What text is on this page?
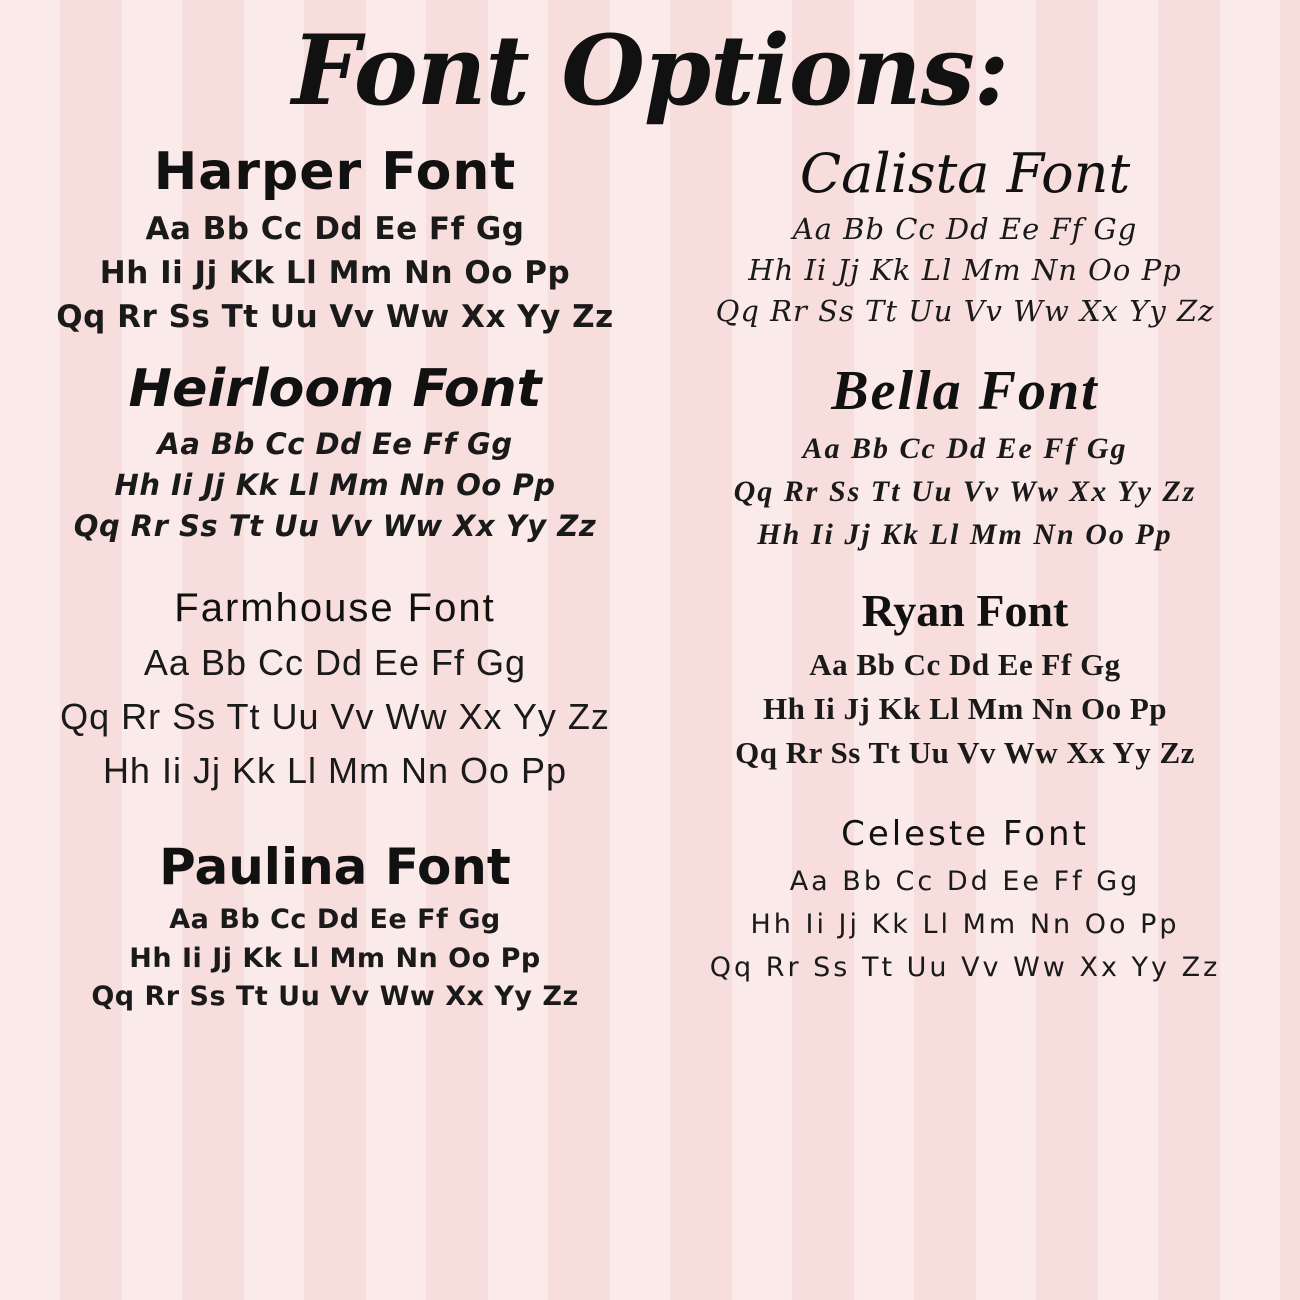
Font Options:
Harper Font
Aa Bb Cc Dd Ee Ff Gg
Hh Ii Jj Kk Ll Mm Nn Oo Pp
Qq Rr Ss Tt Uu Vv Ww Xx Yy Zz
Calista Font
Aa Bb Cc Dd Ee Ff Gg
Hh Ii Jj Kk Ll Mm Nn Oo Pp
Qq Rr Ss Tt Uu Vv Ww Xx Yy Zz
Heirloom Font
Aa Bb Cc Dd Ee Ff Gg
Hh Ii Jj Kk Ll Mm Nn Oo Pp
Qq Rr Ss Tt Uu Vv Ww Xx Yy Zz
Bella Font
Aa Bb Cc Dd Ee Ff Gg
Qq Rr Ss Tt Uu Vv Ww Xx Yy Zz
Hh Ii Jj Kk Ll Mm Nn Oo Pp
Farmhouse Font
Aa Bb Cc Dd Ee Ff Gg
Qq Rr Ss Tt Uu Vv Ww Xx Yy Zz
Hh Ii Jj Kk Ll Mm Nn Oo Pp
Ryan Font
Aa Bb Cc Dd Ee Ff Gg
Hh Ii Jj Kk Ll Mm Nn Oo Pp
Qq Rr Ss Tt Uu Vv Ww Xx Yy Zz
Paulina Font
Aa Bb Cc Dd Ee Ff Gg
Hh Ii Jj Kk Ll Mm Nn Oo Pp
Qq Rr Ss Tt Uu Vv Ww Xx Yy Zz
Celeste Font
Aa Bb Cc Dd Ee Ff Gg
Hh Ii Jj Kk Ll Mm Nn Oo Pp
Qq Rr Ss Tt Uu Vv Ww Xx Yy Zz
